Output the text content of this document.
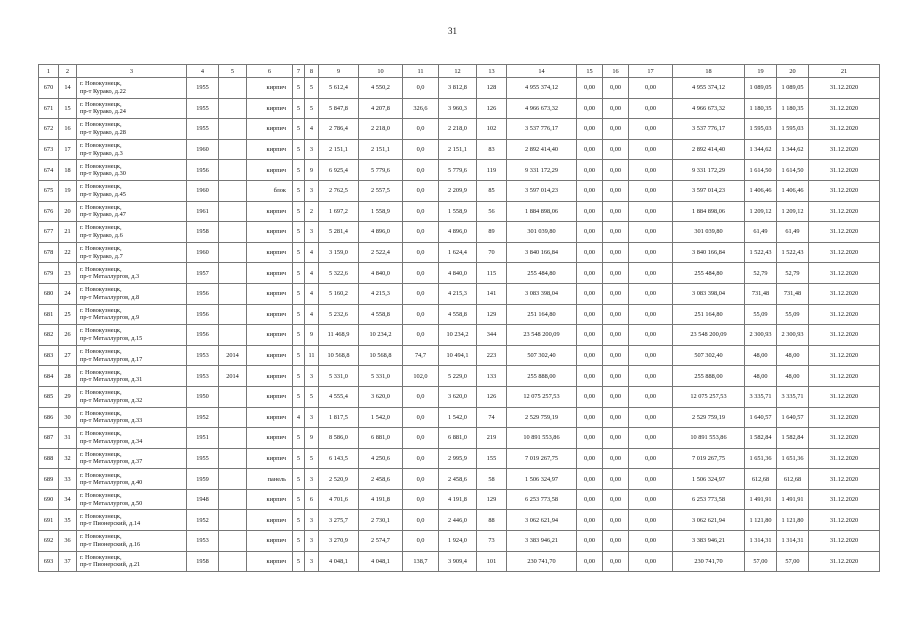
31
1	2	3	4	5	6	7	8	9	10	11	12	13	14	15	16	17	18	19	20	21
670	14	г. Новокузнецк,
пр-т Курако, д.22	1955		кирпич	5	5	5 612,4	4 550,2	0,0	3 812,8	128	4 955 374,12	0,00	0,00	0,00	4 955 374,12	1 089,05	1 089,05	31.12.2020
671	15	г. Новокузнецк,
пр-т Курако, д.24	1955		кирпич	5	5	5 847,8	4 207,8	326,6	3 960,3	126	4 966 673,32	0,00	0,00	0,00	4 966 673,32	1 180,35	1 180,35	31.12.2020
672	16	г. Новокузнецк,
пр-т Курако, д.28	1955		кирпич	5	4	2 786,4	2 218,0	0,0	2 218,0	102	3 537 776,17	0,00	0,00	0,00	3 537 776,17	1 595,03	1 595,03	31.12.2020
673	17	г. Новокузнецк,
пр-т Курако, д.3	1960		кирпич	5	3	2 151,1	2 151,1	0,0	2 151,1	83	2 892 414,40	0,00	0,00	0,00	2 892 414,40	1 344,62	1 344,62	31.12.2020
674	18	г. Новокузнецк,
пр-т Курако, д.30	1956		кирпич	5	9	6 925,4	5 779,6	0,0	5 779,6	119	9 331 172,29	0,00	0,00	0,00	9 331 172,29	1 614,50	1 614,50	31.12.2020
675	19	г. Новокузнецк,
пр-т Курако, д.45	1960		блок	5	3	2 762,5	2 557,5	0,0	2 209,9	85	3 597 014,23	0,00	0,00	0,00	3 597 014,23	1 406,46	1 406,46	31.12.2020
676	20	г. Новокузнецк,
пр-т Курако, д.47	1961		кирпич	5	2	1 697,2	1 558,9	0,0	1 558,9	56	1 884 898,06	0,00	0,00	0,00	1 884 898,06	1 209,12	1 209,12	31.12.2020
677	21	г. Новокузнецк,
пр-т Курако, д.6	1958		кирпич	5	3	5 281,4	4 896,0	0,0	4 896,0	89	301 039,80	0,00	0,00	0,00	301 039,80	61,49	61,49	31.12.2020
678	22	г. Новокузнецк,
пр-т Курако, д.7	1960		кирпич	5	4	3 159,0	2 522,4	0,0	1 624,4	70	3 840 166,84	0,00	0,00	0,00	3 840 166,84	1 522,43	1 522,43	31.12.2020
679	23	г. Новокузнецк,
пр-т Металлургов, д.3	1957		кирпич	5	4	5 322,6	4 840,0	0,0	4 840,0	115	255 484,80	0,00	0,00	0,00	255 484,80	52,79	52,79	31.12.2020
680	24	г. Новокузнецк,
пр-т Металлургов, д.8	1956		кирпич	5	4	5 160,2	4 215,3	0,0	4 215,3	141	3 083 398,04	0,00	0,00	0,00	3 083 398,04	731,48	731,48	31.12.2020
681	25	г. Новокузнецк,
пр-т Металлургов, д.9	1956		кирпич	5	4	5 232,6	4 558,8	0,0	4 558,8	129	251 164,80	0,00	0,00	0,00	251 164,80	55,09	55,09	31.12.2020
682	26	г. Новокузнецк,
пр-т Металлургов, д.15	1956		кирпич	5	9	11 468,9	10 234,2	0,0	10 234,2	344	23 548 200,09	0,00	0,00	0,00	23 548 200,09	2 300,93	2 300,93	31.12.2020
683	27	г. Новокузнецк,
пр-т Металлургов, д.17	1953	2014	кирпич	5	11	10 568,8	10 568,8	74,7	10 494,1	223	507 302,40	0,00	0,00	0,00	507 302,40	48,00	48,00	31.12.2020
684	28	г. Новокузнецк,
пр-т Металлургов, д.31	1953	2014	кирпич	5	3	5 331,0	5 331,0	102,0	5 229,0	133	255 888,00	0,00	0,00	0,00	255 888,00	48,00	48,00	31.12.2020
685	29	г. Новокузнецк,
пр-т Металлургов, д.32	1950		кирпич	5	5	4 555,4	3 620,0	0,0	3 620,0	126	12 075 257,53	0,00	0,00	0,00	12 075 257,53	3 335,71	3 335,71	31.12.2020
686	30	г. Новокузнецк,
пр-т Металлургов, д.33	1952		кирпич	4	3	1 817,5	1 542,0	0,0	1 542,0	74	2 529 759,19	0,00	0,00	0,00	2 529 759,19	1 640,57	1 640,57	31.12.2020
687	31	г. Новокузнецк,
пр-т Металлургов, д.34	1951		кирпич	5	9	8 586,0	6 881,0	0,0	6 881,0	219	10 891 553,86	0,00	0,00	0,00	10 891 553,86	1 582,84	1 582,84	31.12.2020
688	32	г. Новокузнецк,
пр-т Металлургов, д.37	1955		кирпич	5	5	6 143,5	4 250,6	0,0	2 995,9	155	7 019 267,75	0,00	0,00	0,00	7 019 267,75	1 651,36	1 651,36	31.12.2020
689	33	г. Новокузнецк,
пр-т Металлургов, д.40	1959		панель	5	3	2 520,9	2 458,6	0,0	2 458,6	58	1 506 324,97	0,00	0,00	0,00	1 506 324,97	612,68	612,68	31.12.2020
690	34	г. Новокузнецк,
пр-т Металлургов, д.50	1948		кирпич	5	6	4 701,6	4 191,8	0,0	4 191,8	129	6 253 773,58	0,00	0,00	0,00	6 253 773,58	1 491,91	1 491,91	31.12.2020
691	35	г. Новокузнецк,
пр-т Пионерский, д.14	1952		кирпич	5	3	3 275,7	2 730,1	0,0	2 446,0	88	3 062 621,94	0,00	0,00	0,00	3 062 621,94	1 121,80	1 121,80	31.12.2020
692	36	г. Новокузнецк,
пр-т Пионерский, д.16	1953		кирпич	5	3	3 270,9	2 574,7	0,0	1 924,0	73	3 383 946,21	0,00	0,00	0,00	3 383 946,21	1 314,31	1 314,31	31.12.2020
693	37	г. Новокузнецк,
пр-т Пионерский, д.21	1958		кирпич	5	3	4 048,1	4 048,1	138,7	3 909,4	101	230 741,70	0,00	0,00	0,00	230 741,70	57,00	57,00	31.12.2020
